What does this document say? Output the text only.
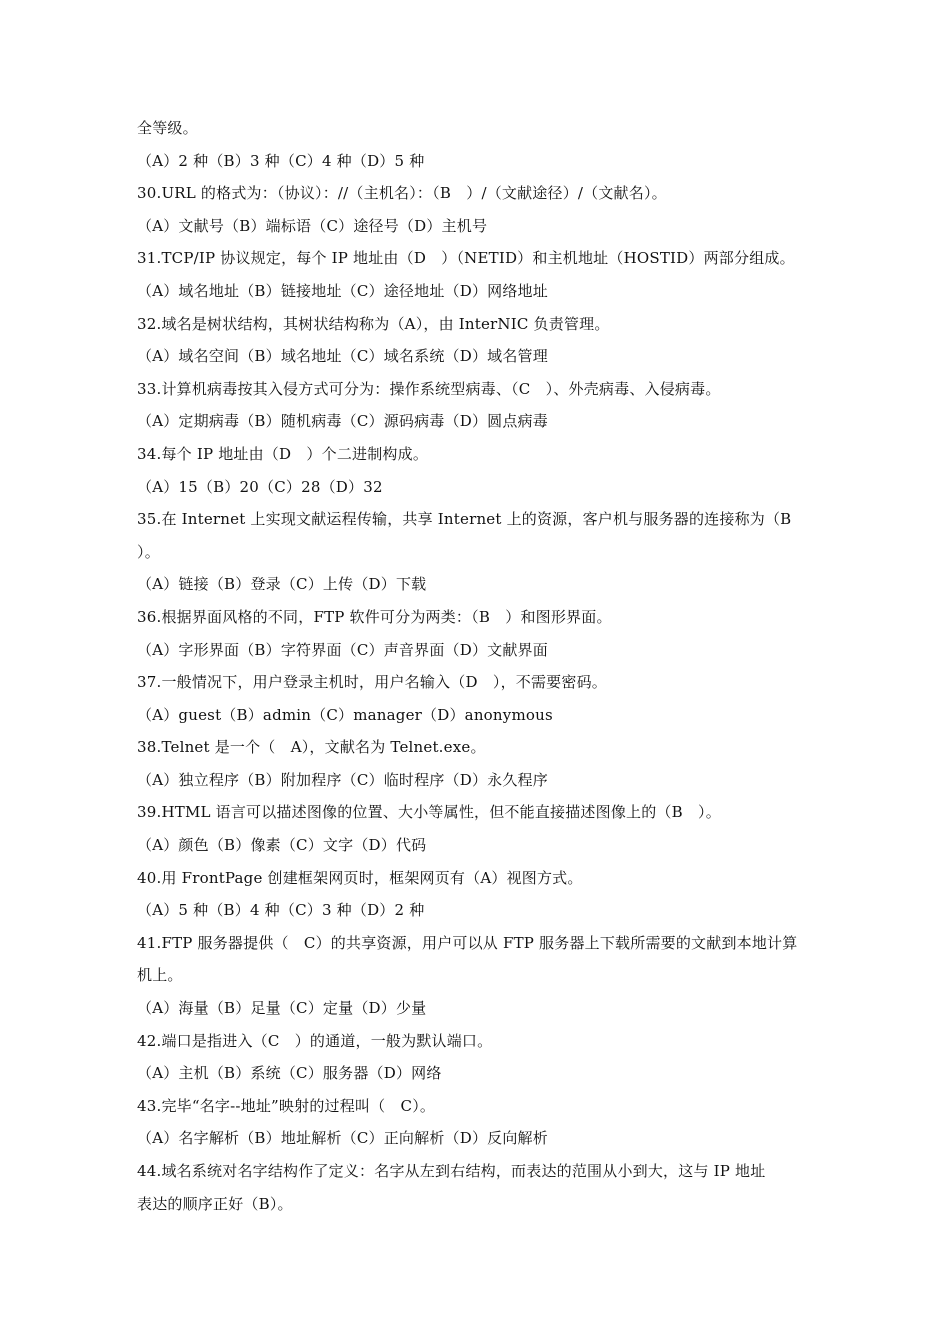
全等级。
（A）2 种（B）3 种（C）4 种（D）5 种
30.URL 的格式为：（协议）：//（主机名）：（B　）/（文献途径）/（文献名）。
（A）文献号（B）端标语（C）途径号（D）主机号
31.TCP/IP 协议规定，每个 IP 地址由（D　）（NETID）和主机地址（HOSTID）两部分组成。
（A）域名地址（B）链接地址（C）途径地址（D）网络地址
32.域名是树状结构，其树状结构称为（A），由 InterNIC 负责管理。
（A）域名空间（B）域名地址（C）域名系统（D）域名管理
33.计算机病毒按其入侵方式可分为：操作系统型病毒、（C　）、外壳病毒、入侵病毒。
（A）定期病毒（B）随机病毒（C）源码病毒（D）圆点病毒
34.每个 IP 地址由（D　）个二进制构成。
（A）15（B）20（C）28（D）32
35.在 Internet 上实现文献运程传输，共享 Internet 上的资源，客户机与服务器的连接称为（B
）。
（A）链接（B）登录（C）上传（D）下载
36.根据界面风格的不同，FTP 软件可分为两类：（B　）和图形界面。
（A）字形界面（B）字符界面（C）声音界面（D）文献界面
37.一般情况下，用户登录主机时，用户名输入（D　），不需要密码。
（A）guest（B）admin（C）manager（D）anonymous
38.Telnet 是一个（　A），文献名为 Telnet.exe。
（A）独立程序（B）附加程序（C）临时程序（D）永久程序
39.HTML 语言可以描述图像的位置、大小等属性，但不能直接描述图像上的（B　）。
（A）颜色（B）像素（C）文字（D）代码
40.用 FrontPage 创建框架网页时，框架网页有（A）视图方式。
（A）5 种（B）4 种（C）3 种（D）2 种
41.FTP 服务器提供（　C）的共享资源，用户可以从 FTP 服务器上下载所需要的文献到本地计算
机上。
（A）海量（B）足量（C）定量（D）少量
42.端口是指进入（C　）的通道，一般为默认端口。
（A）主机（B）系统（C）服务器（D）网络
43.完毕“名字--地址”映射的过程叫（　C）。
（A）名字解析（B）地址解析（C）正向解析（D）反向解析
44.域名系统对名字结构作了定义：名字从左到右结构，而表达的范围从小到大，这与 IP 地址
表达的顺序正好（B）。
